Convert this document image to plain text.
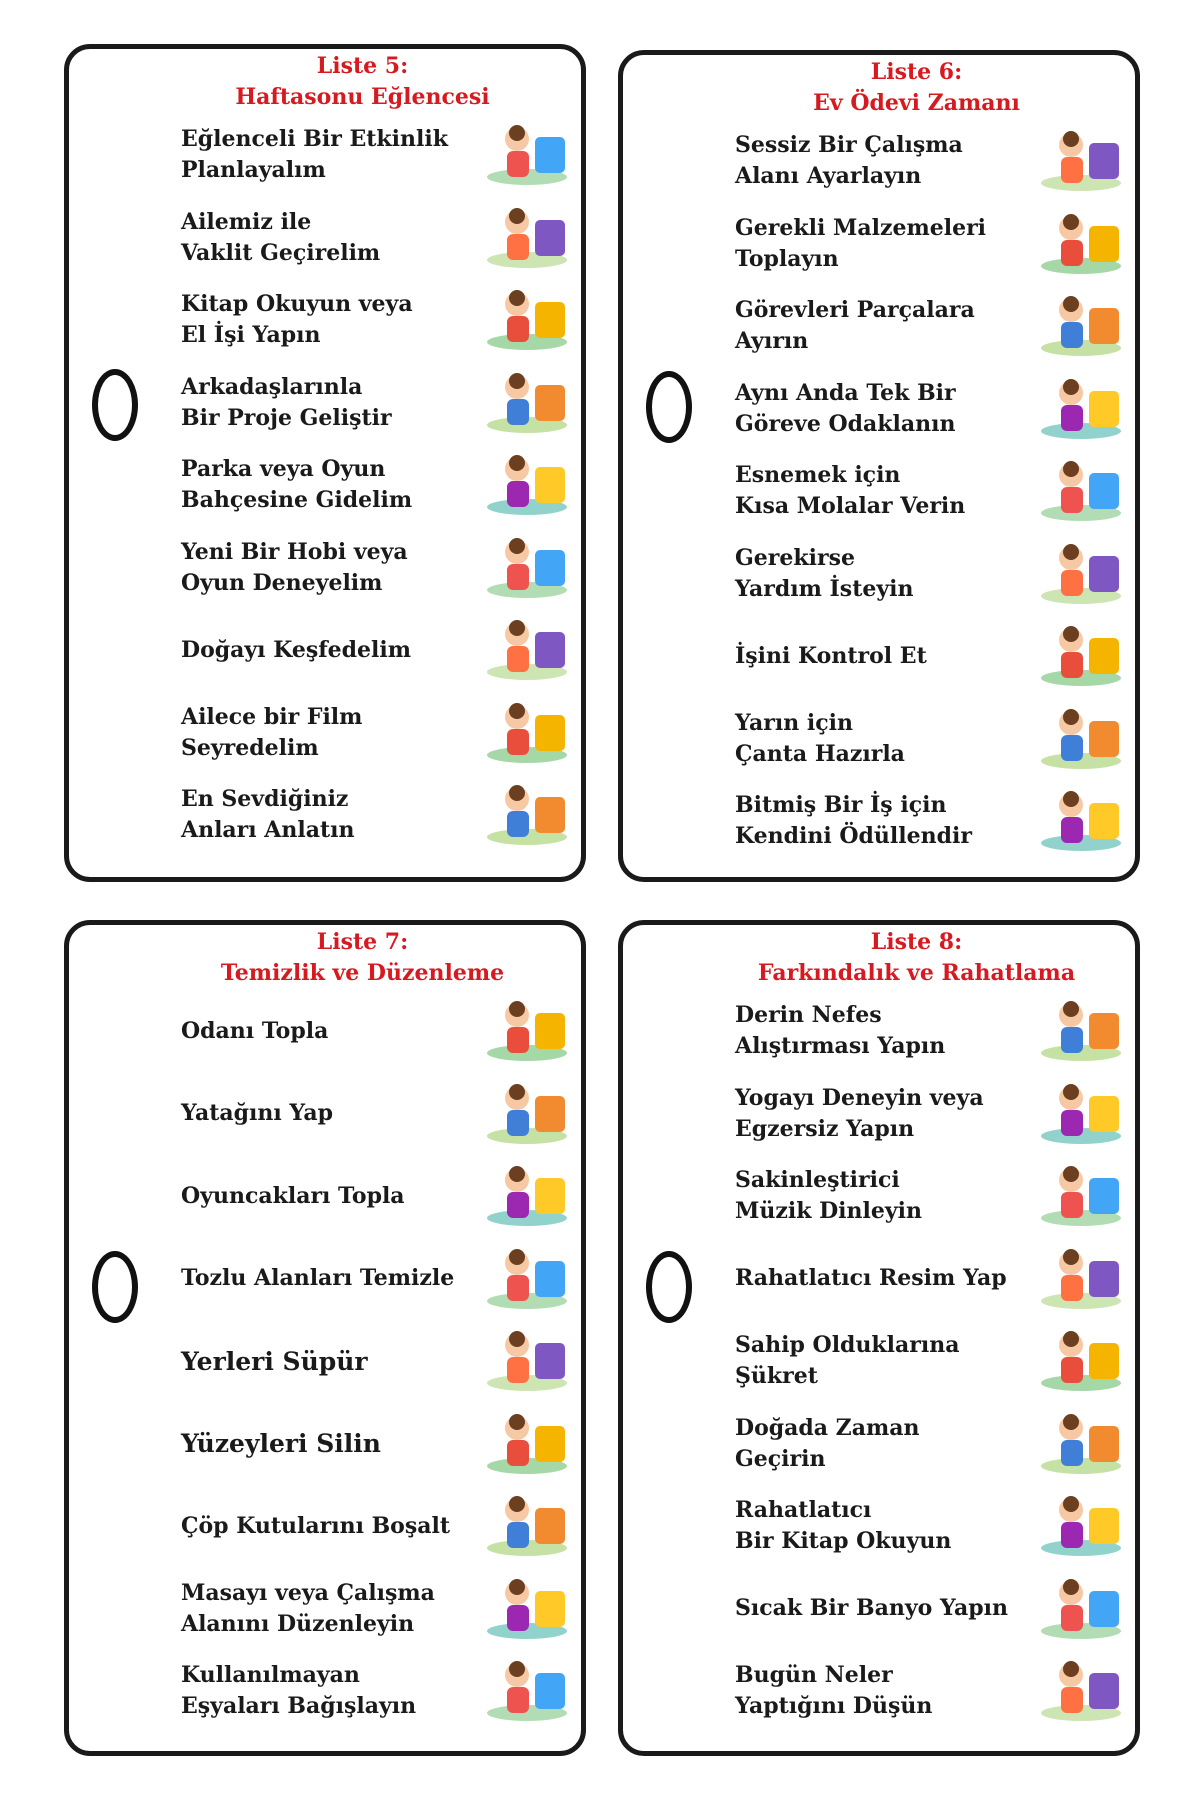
Liste 5:
Haftasonu Eğlencesi
Eğlenceli Bir Etkinlik
Planlayalım
Ailemiz ile
Vaklit Geçirelim
Kitap Okuyun veya
El İşi Yapın
Arkadaşlarınla
Bir Proje Geliştir
Parka veya Oyun
Bahçesine Gidelim
Yeni Bir Hobi veya
Oyun Deneyelim
Doğayı Keşfedelim
Ailece bir Film
Seyredelim
En Sevdiğiniz
Anları Anlatın
Liste 6:
Ev Ödevi Zamanı
Sessiz Bir Çalışma
Alanı Ayarlayın
Gerekli Malzemeleri
Toplayın
Görevleri Parçalara
Ayırın
Aynı Anda Tek Bir
Göreve Odaklanın
Esnemek için
Kısa Molalar Verin
Gerekirse
Yardım İsteyin
İşini Kontrol Et
Yarın için
Çanta Hazırla
Bitmiş Bir İş için
Kendini Ödüllendir
Liste 7:
Temizlik ve Düzenleme
Odanı Topla
Yatağını Yap
Oyuncakları Topla
Tozlu Alanları Temizle
Yerleri Süpür
Yüzeyleri Silin
Çöp Kutularını Boşalt
Masayı veya Çalışma
Alanını Düzenleyin
Kullanılmayan
Eşyaları Bağışlayın
Liste 8:
Farkındalık ve Rahatlama
Derin Nefes
Alıştırması Yapın
Yogayı Deneyin veya
Egzersiz Yapın
Sakinleştirici
Müzik Dinleyin
Rahatlatıcı Resim Yap
Sahip Olduklarına
Şükret
Doğada Zaman
Geçirin
Rahatlatıcı
Bir Kitap Okuyun
Sıcak Bir Banyo Yapın
Bugün Neler
Yaptığını Düşün
